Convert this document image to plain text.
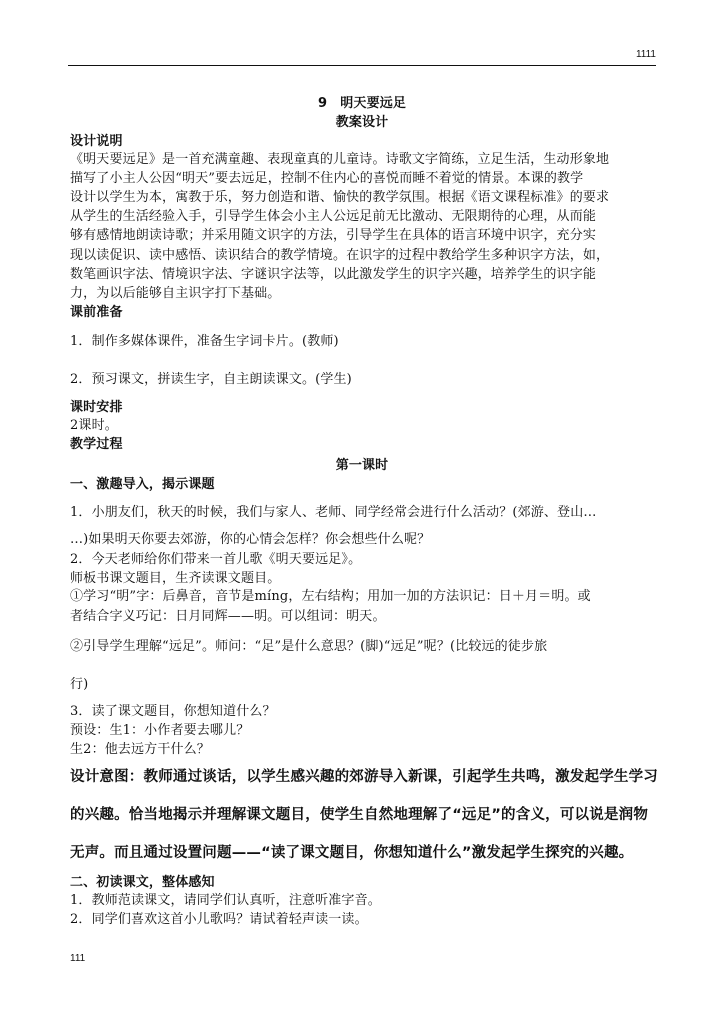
1111
9　明天要远足
教案设计
设计说明
《明天要远足》是一首充满童趣、表现童真的儿童诗。诗歌文字简练，立足生活，生动形象地
描写了小主人公因“明天”要去远足，控制不住内心的喜悦而睡不着觉的情景。本课的教学
设计以学生为本，寓教于乐，努力创造和谐、愉快的教学氛围。根据《语文课程标准》的要求
从学生的生活经验入手，引导学生体会小主人公远足前无比激动、无限期待的心理，从而能
够有感情地朗读诗歌；并采用随文识字的方法，引导学生在具体的语言环境中识字，充分实
现以读促识、读中感悟、读识结合的教学情境。在识字的过程中教给学生多种识字方法，如，
数笔画识字法、情境识字法、字谜识字法等，以此激发学生的识字兴趣，培养学生的识字能
力，为以后能够自主识字打下基础。
课前准备
1．制作多媒体课件，准备生字词卡片。(教师)
2．预习课文，拼读生字，自主朗读课文。(学生)
课时安排
2课时。
教学过程
第一课时
一、激趣导入，揭示课题
1．小朋友们，秋天的时候，我们与家人、老师、同学经常会进行什么活动？(郊游、登山…
…)如果明天你要去郊游，你的心情会怎样？你会想些什么呢？
2．今天老师给你们带来一首儿歌《明天要远足》。
师板书课文题目，生齐读课文题目。
①学习“明”字：后鼻音，音节是míng，左右结构；用加一加的方法识记：日＋月＝明。或
者结合字义巧记：日月同辉——明。可以组词：明天。
②引导学生理解“远足”。师问：“足”是什么意思？(脚)“远足”呢？(比较远的徒步旅
行)
3．读了课文题目，你想知道什么？
预设：生1：小作者要去哪儿？
生2：他去远方干什么？
设计意图：教师通过谈话，以学生感兴趣的郊游导入新课，引起学生共鸣，激发起学生学习
的兴趣。恰当地揭示并理解课文题目，使学生自然地理解了“远足”的含义，可以说是润物
无声。而且通过设置问题——“读了课文题目，你想知道什么”激发起学生探究的兴趣。
二、初读课文，整体感知
1．教师范读课文，请同学们认真听，注意听准字音。
2．同学们喜欢这首小儿歌吗？请试着轻声读一读。
111
